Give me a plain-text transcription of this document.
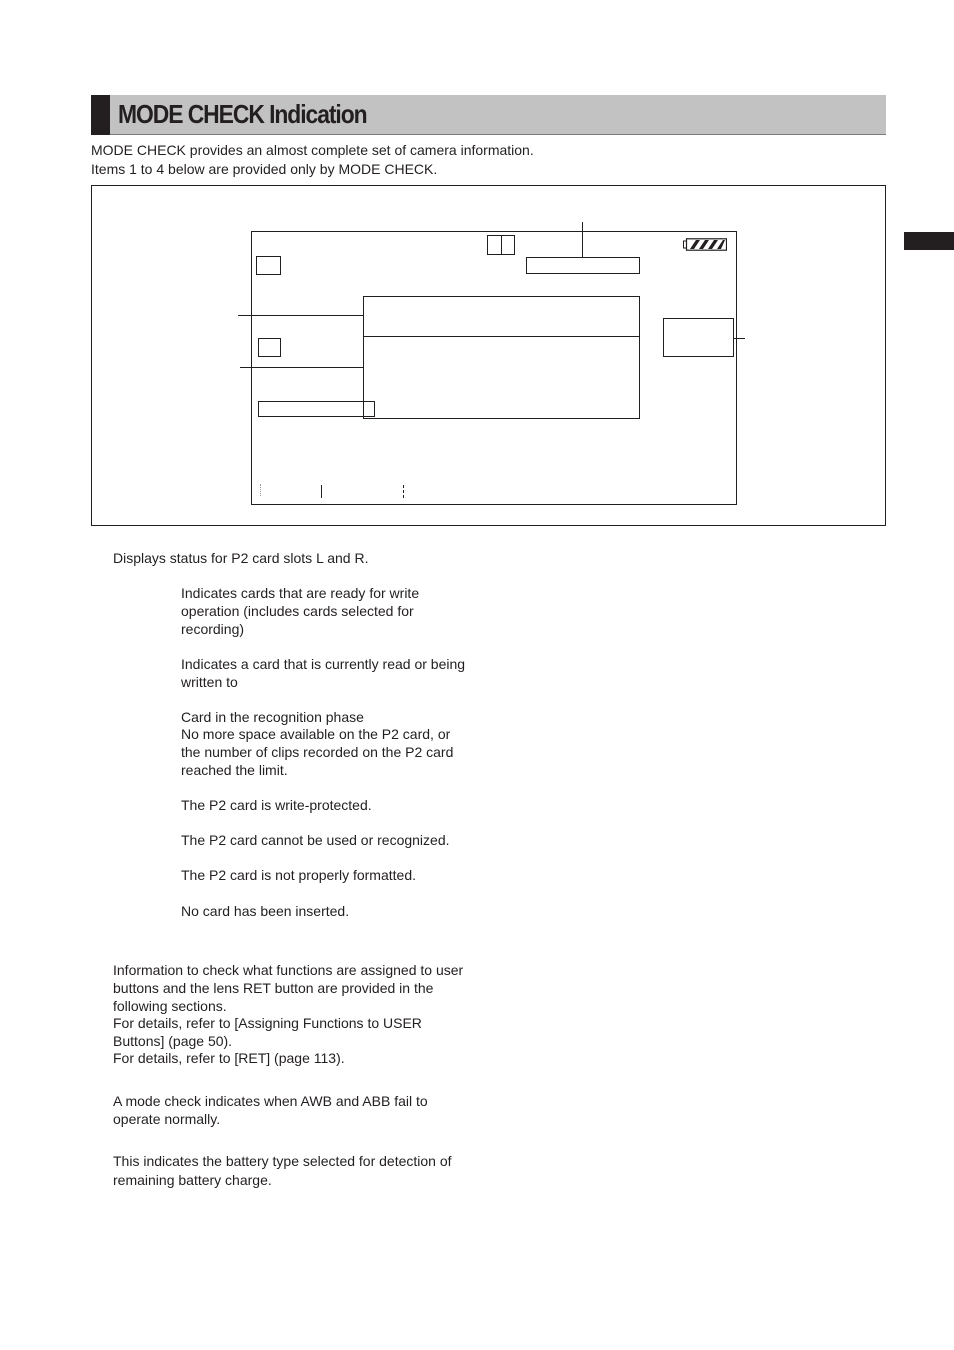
MODE CHECK Indication
MODE CHECK provides an almost complete set of camera information.
Items 1 to 4 below are provided only by MODE CHECK.
Displays status for P2 card slots L and R.
Indicates cards that are ready for write operation (includes cards selected for recording)
Indicates a card that is currently read or being written to
Card in the recognition phase
No more space available on the P2 card, or the number of clips recorded on the P2 card reached the limit.
The P2 card is write-protected.
The P2 card cannot be used or recognized.
The P2 card is not properly formatted.
No card has been inserted.
Information to check what functions are assigned to user buttons and the lens RET button are provided in the following sections.
For details, refer to [Assigning Functions to USER Buttons] (page 50).
For details, refer to [RET] (page 113).
A mode check indicates when AWB and ABB fail to operate normally.
This indicates the battery type selected for detection of remaining battery charge.
